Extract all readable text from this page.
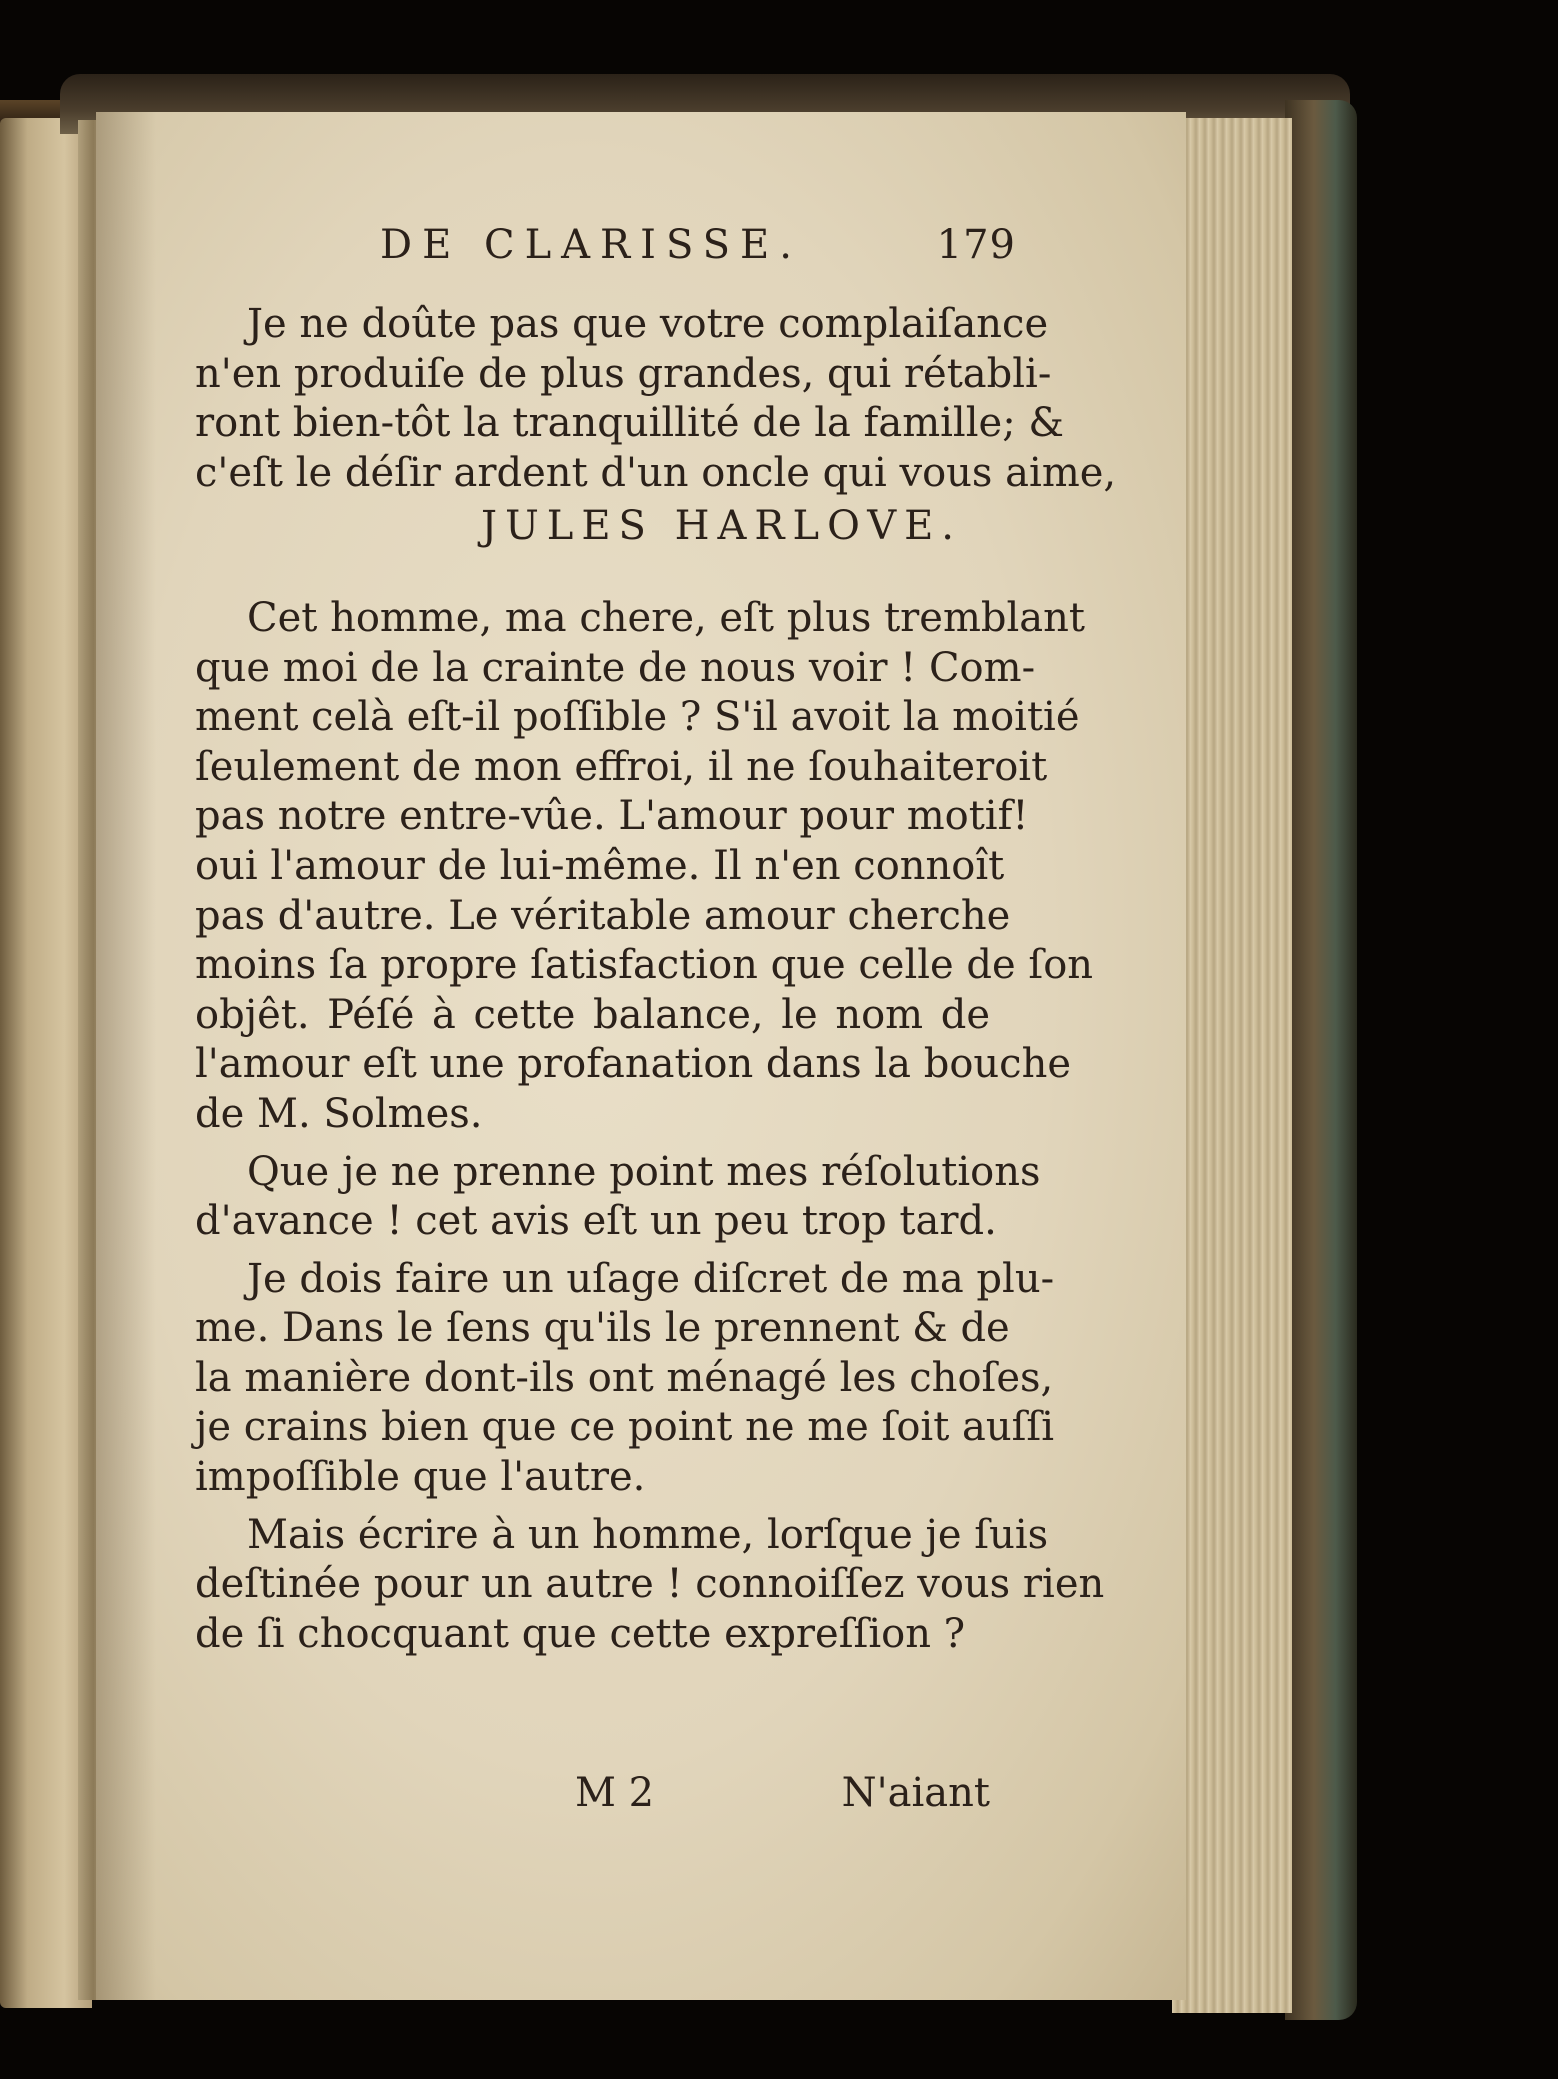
DE CLARISSE.	179
Je ne doûte pas que votre complaiſance
n'en produiſe de plus grandes, qui rétabli-
ront bien-tôt la tranquillité de la famille; &
c'eſt le déſir ardent d'un oncle qui vous aime,
JULES HARLOVE.
Cet homme, ma chere, eſt plus tremblant
que moi de la crainte de nous voir ! Com-
ment celà eſt-il poſſible ? S'il avoit la moitié
ſeulement de mon effroi, il ne ſouhaiteroit
pas notre entre-vûe. L'amour pour motif!
oui l'amour de lui-même. Il n'en connoît
pas d'autre. Le véritable amour cherche
moins ſa propre ſatisfaction que celle de ſon
objêt. Péſé à cette balance, le nom de
l'amour eſt une profanation dans la bouche
de M. Solmes.
Que je ne prenne point mes réſolutions
d'avance ! cet avis eſt un peu trop tard.
Je dois faire un uſage diſcret de ma plu-
me. Dans le ſens qu'ils le prennent & de
la manière dont-ils ont ménagé les choſes,
je crains bien que ce point ne me ſoit auſſi
impoſſible que l'autre.
Mais écrire à un homme, lorſque je ſuis
deſtinée pour un autre ! connoiſſez vous rien
de ſi chocquant que cette expreſſion ?
M 2	N'aiant
